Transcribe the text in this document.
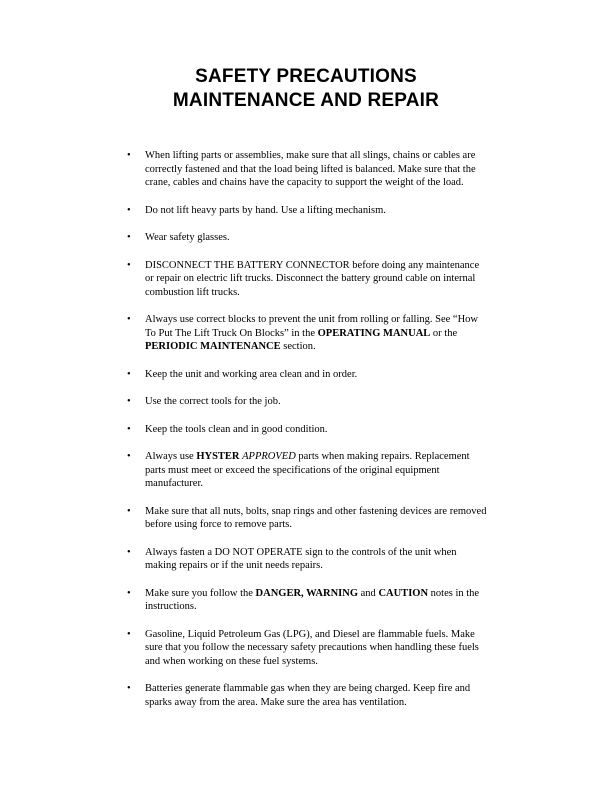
SAFETY PRECAUTIONS
MAINTENANCE AND REPAIR
•	When lifting parts or assemblies, make sure that all slings, chains or cables are correctly fastened and that the load being lifted is balanced. Make sure that the crane, cables and chains have the capacity to support the weight of the load.
•	Do not lift heavy parts by hand. Use a lifting mechanism.
•	Wear safety glasses.
•	DISCONNECT THE BATTERY CONNECTOR before doing any maintenance or repair on electric lift trucks. Disconnect the battery ground cable on internal combustion lift trucks.
•	Always use correct blocks to prevent the unit from rolling or falling. See “How To Put The Lift Truck On Blocks” in the OPERATING MANUAL or the PERIODIC MAINTENANCE section.
•	Keep the unit and working area clean and in order.
•	Use the correct tools for the job.
•	Keep the tools clean and in good condition.
•	Always use HYSTER APPROVED parts when making repairs. Replacement parts must meet or exceed the specifications of the original equipment manufacturer.
•	Make sure that all nuts, bolts, snap rings and other fastening devices are removed before using force to remove parts.
•	Always fasten a DO NOT OPERATE sign to the controls of the unit when making repairs or if the unit needs repairs.
•	Make sure you follow the DANGER, WARNING and CAUTION notes in the instructions.
•	Gasoline, Liquid Petroleum Gas (LPG), and Diesel are flammable fuels. Make sure that you follow the necessary safety precautions when handling these fuels and when working on these fuel systems.
•	Batteries generate flammable gas when they are being charged. Keep fire and sparks away from the area. Make sure the area has ventilation.
